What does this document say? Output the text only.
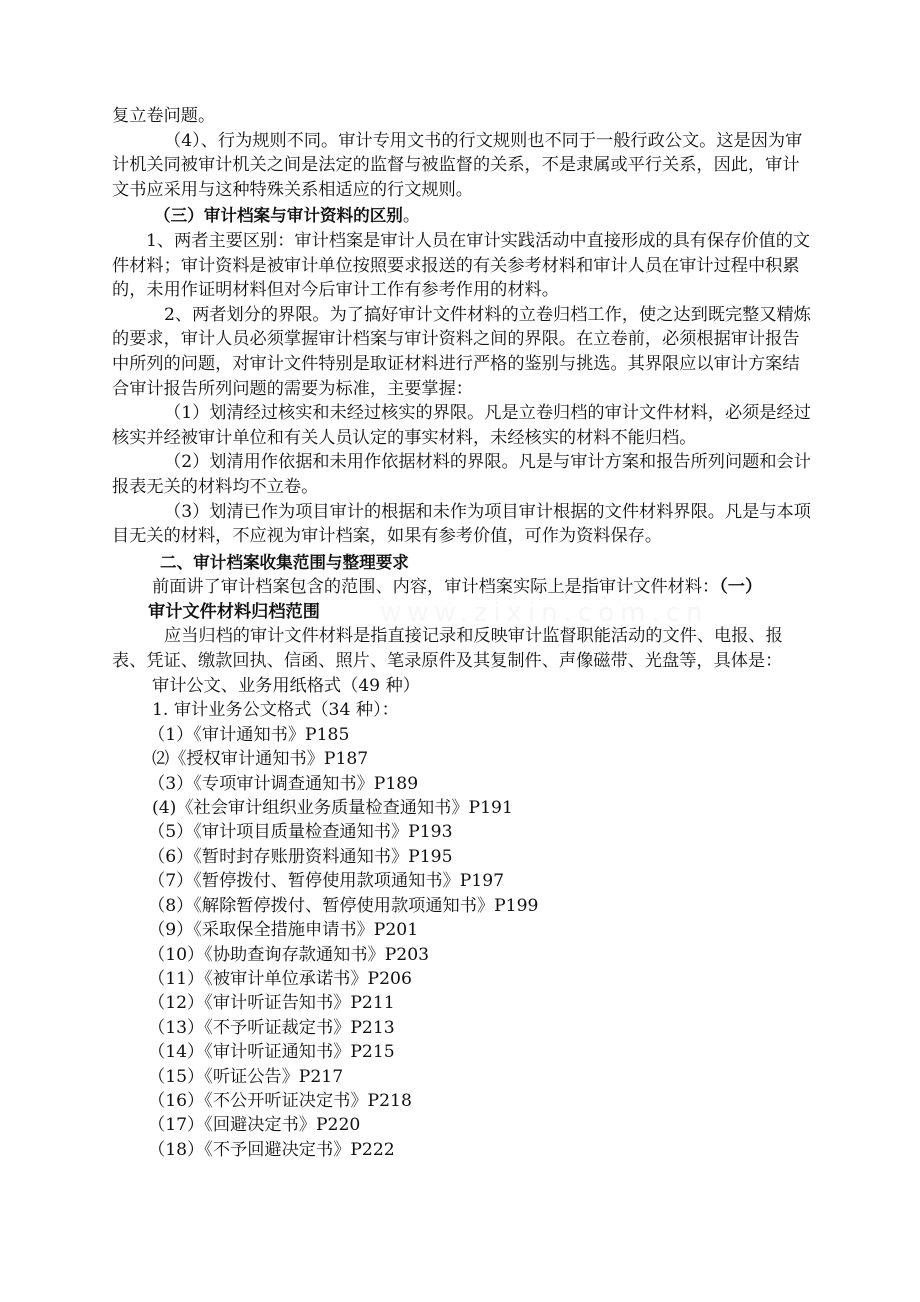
复立卷问题。

（4）、行为规则不同。审计专用文书的行文规则也不同于一般行政公文。这是因为审计机关同被审计机关之间是法定的监督与被监督的关系，不是隶属或平行关系，因此，审计文书应采用与这种特殊关系相适应的行文规则。

（三）审计档案与审计资料的区别。

1、两者主要区别：审计档案是审计人员在审计实践活动中直接形成的具有保存价值的文件材料；审计资料是被审计单位按照要求报送的有关参考材料和审计人员在审计过程中积累的，未用作证明材料但对今后审计工作有参考作用的材料。

2、两者划分的界限。为了搞好审计文件材料的立卷归档工作，使之达到既完整又精炼的要求，审计人员必须掌握审计档案与审计资料之间的界限。在立卷前，必须根据审计报告中所列的问题，对审计文件特别是取证材料进行严格的鉴别与挑选。其界限应以审计方案结合审计报告所列问题的需要为标准，主要掌握：

（1）划清经过核实和未经过核实的界限。凡是立卷归档的审计文件材料，必须是经过核实并经被审计单位和有关人员认定的事实材料，未经核实的材料不能归档。

（2）划清用作依据和未用作依据材料的界限。凡是与审计方案和报告所列问题和会计报表无关的材料均不立卷。

（3）划清已作为项目审计的根据和未作为项目审计根据的文件材料界限。凡是与本项目无关的材料，不应视为审计档案，如果有参考价值，可作为资料保存。

二、审计档案收集范围与整理要求

前面讲了审计档案包含的范围、内容，审计档案实际上是指审计文件材料：（一）

审计文件材料归档范围

应当归档的审计文件材料是指直接记录和反映审计监督职能活动的文件、电报、报表、凭证、缴款回执、信函、照片、笔录原件及其复制件、声像磁带、光盘等，具体是：

审计公文、业务用纸格式（49 种）

1. 审计业务公文格式（34 种）：

（1）《审计通知书》P185
⑵《授权审计通知书》P187
（3）《专项审计调查通知书》P189
(4)《社会审计组织业务质量检查通知书》P191
（5）《审计项目质量检查通知书》P193
（6）《暂时封存账册资料通知书》P195
（7）《暂停拨付、暂停使用款项通知书》P197
（8）《解除暂停拨付、暂停使用款项通知书》P199
（9）《采取保全措施申请书》P201
（10）《协助查询存款通知书》P203
（11）《被审计单位承诺书》P206
（12）《审计听证告知书》P211
（13）《不予听证裁定书》P213
（14）《审计听证通知书》P215
（15）《听证公告》P217
（16）《不公开听证决定书》P218
（17）《回避决定书》P220
（18）《不予回避决定书》P222
www.zixin.com.cn
